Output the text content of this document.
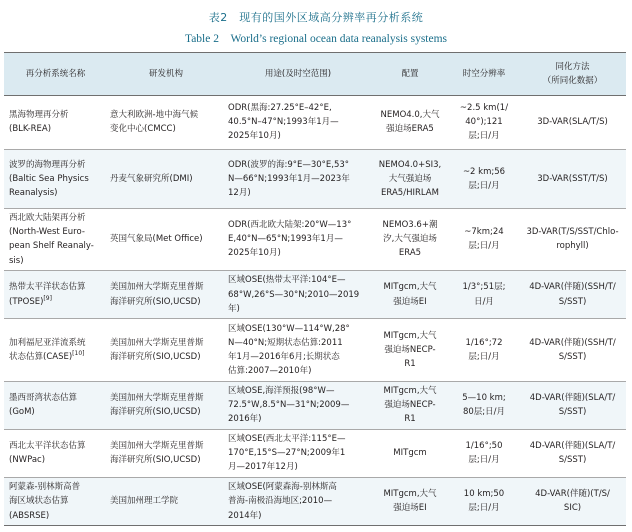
表2　现有的国外区域高分辨率再分析系统
Table 2　World’s regional ocean data reanalysis systems
再分析系统名称	研发机构	用途(及时空范围)	配置	时空分辨率	同化方法
（所同化数据）
黑海物理再分析
(BLK-REA)	意大利欧洲-地中海气候
变化中心(CMCC)	ODR(黑海:27.25°E–42°E,
40.5°N–47°N;1993年1月—
2025年10月)	NEMO4.0,大气
强迫场ERA5	~2.5 km(1/
40°);121
层;日/月	3D-VAR(SLA/T/S)
波罗的海物理再分析
(Baltic Sea Physics
Reanalysis)	丹麦气象研究所(DMI)	ODR(波罗的海:9°E—30°E,53°
N—66°N;1993年1月—2023年
12月)	NEMO4.0+SI3,
大气强迫场
ERA5/HIRLAM	~2 km;56
层;日/月	3D-VAR(SST/T/S)
西北欧大陆架再分析
(North-West Euro-
pean Shelf Reanaly-
sis)	英国气象局(Met Office)	ODR(西北欧大陆架:20°W—13°
E,40°N—65°N;1993年1月—
2025年10月)	NEMO3.6+潮
汐,大气强迫场
ERA5	~7km;24
层;日/月	3D-VAR(T/S/SST/Chlo-
rophyll)
热带太平洋状态估算
(TPOSE)[9]	美国加州大学斯克里普斯
海洋研究所(SIO,UCSD)	区域OSE(热带太平洋:104°E—
68°W,26°S—30°N;2010—2019
年)	MITgcm,大气
强迫场EI	1/3°;51层;
日/月	4D-VAR(伴随)(SSH/T/
S/SST)
加利福尼亚洋流系统
状态估算(CASE)[10]	美国加州大学斯克里普斯
海洋研究所(SIO,UCSD)	区域OSE(130°W—114°W,28°
N—40°N;短期状态估算:2011
年1月—2016年6月;长期状态
估算:2007—2010年)	MITgcm,大气
强迫场NECP-
R1	1/16°;72
层;日/月	4D-VAR(伴随)(SSH/T/
S/SST)
墨西哥湾状态估算
(GoM)	美国加州大学斯克里普斯
海洋研究所(SIO,UCSD)	区域OSE,海洋预报(98°W—
72.5°W,8.5°N—31°N;2009—
2016年)	MITgcm,大气
强迫场NECP-
R1	5—10 km;
80层;日/月	4D-VAR(伴随)(SLA/T/
S/SST)
西北太平洋状态估算
(NWPac)	美国加州大学斯克里普斯
海洋研究所(SIO,UCSD)	区域OSE(西北太平洋:115°E—
170°E,15°S—27°N;2009年1
月—2017年12月)	MITgcm	1/16°;50
层;日/月	4D-VAR(伴随)(SLA/T/
S/SST)
阿蒙森-别林斯高普
海区域状态估算
(ABSRSE)	美国加州理工学院	区域OSE(阿蒙森海-别林斯高
普海-南极沿海地区;2010—
2014年)	MITgcm,大气
强迫场EI	10 km;50
层;日/月	4D-VAR(伴随)(T/S/
SIC)
